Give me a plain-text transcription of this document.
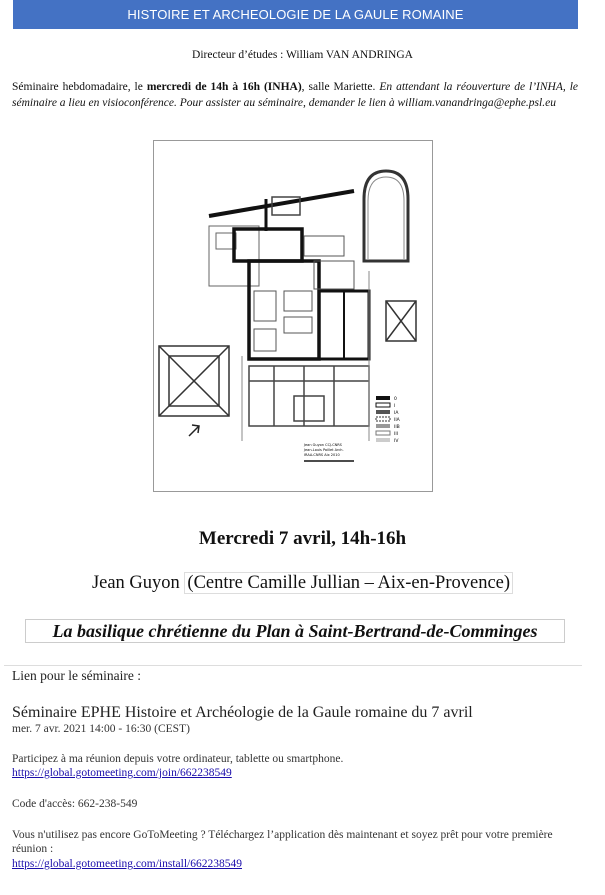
HISTOIRE ET ARCHEOLOGIE DE LA GAULE ROMAINE
Directeur d’études : William VAN ANDRINGA
Séminaire hebdomadaire, le mercredi de 14h à 16h (INHA), salle Mariette. En attendant la réouverture de l’INHA, le séminaire a lieu en visioconférence. Pour assister au séminaire, demander le lien à william.vanandringa@ephe.psl.eu
0
I
IA
IIA
IIB
III
IV
Jean Guyon CCJ-CNRS
Jean-Louis Paillet Arch.
IRAA-CNRS Aix 2010
Mercredi 7 avril, 14h-16h
Jean Guyon (Centre Camille Jullian – Aix-en-Provence)
La basilique chrétienne du Plan à Saint-Bertrand-de-Comminges
Lien pour le séminaire :
Séminaire EPHE Histoire et Archéologie de la Gaule romaine du 7 avril
mer. 7 avr. 2021 14:00 - 16:30 (CEST)
Participez à ma réunion depuis votre ordinateur, tablette ou smartphone.
https://global.gotomeeting.com/join/662238549
Code d'accès: 662-238-549
Vous n'utilisez pas encore GoToMeeting ? Téléchargez l’application dès maintenant et soyez prêt pour votre première réunion :
https://global.gotomeeting.com/install/662238549
